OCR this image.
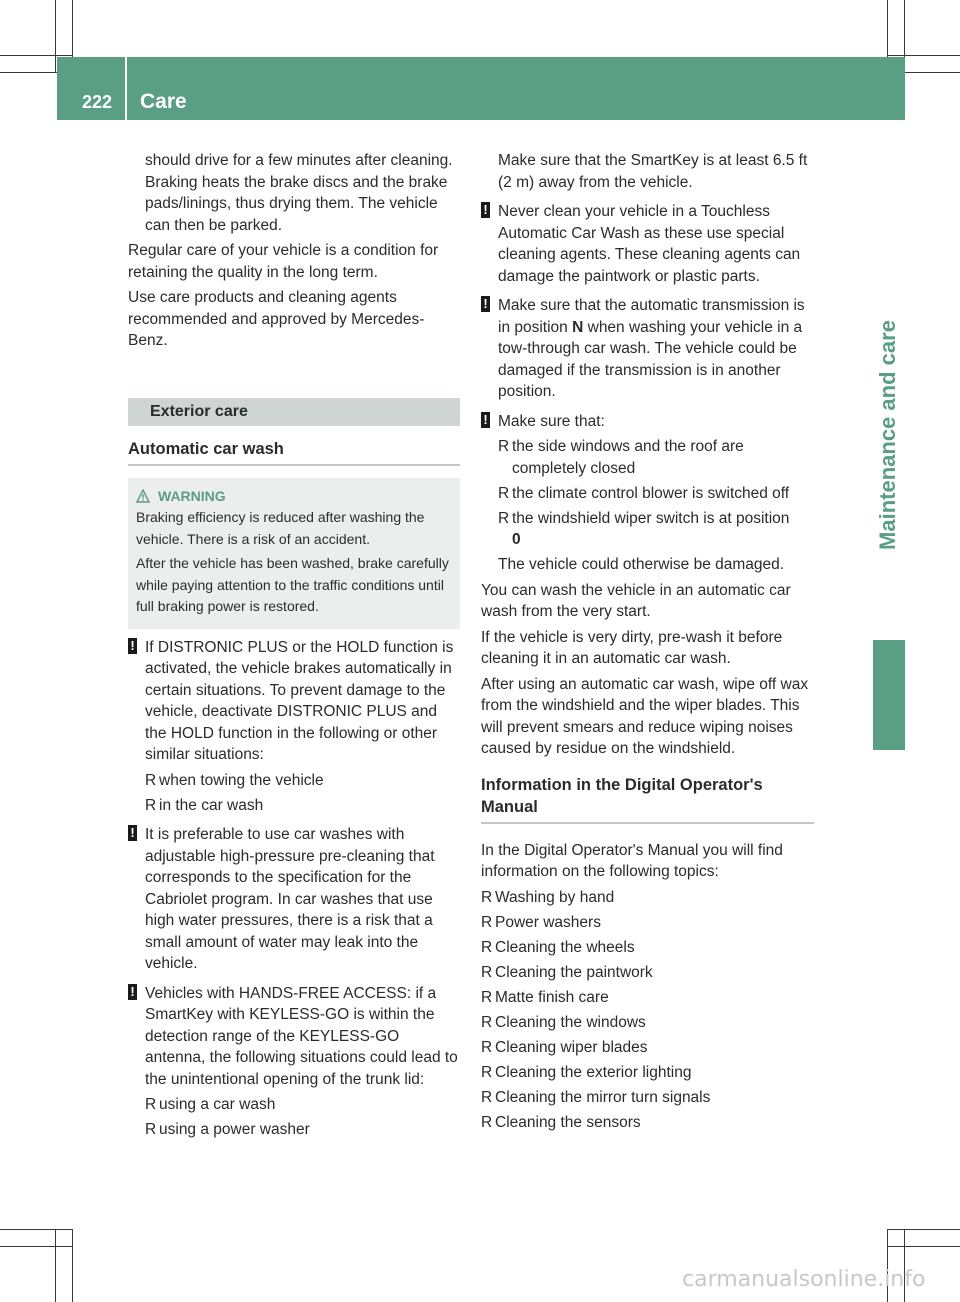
222 Care
Maintenance and care

should drive for a few minutes after cleaning. Braking heats the brake discs and the brake pads/linings, thus drying them. The vehicle can then be parked.

Regular care of your vehicle is a condition for retaining the quality in the long term.

Use care products and cleaning agents recommended and approved by Mercedes-Benz.

Exterior care
Automatic car wash
WARNING

Braking efficiency is reduced after washing the vehicle. There is a risk of an accident.

After the vehicle has been washed, brake carefully while paying attention to the traffic conditions until full braking power is restored.

! If DISTRONIC PLUS or the HOLD function is activated, the vehicle brakes automatically in certain situations. To prevent damage to the vehicle, deactivate DISTRONIC PLUS and the HOLD function in the following or other similar situations:
R when towing the vehicle
R in the car wash
! It is preferable to use car washes with adjustable high-pressure pre-cleaning that corresponds to the specification for the Cabriolet program. In car washes that use high water pressures, there is a risk that a small amount of water may leak into the vehicle.
! Vehicles with HANDS-FREE ACCESS: if a SmartKey with KEYLESS-GO is within the detection range of the KEYLESS-GO antenna, the following situations could lead to the unintentional opening of the trunk lid:
R using a car wash
R using a power washer

Make sure that the SmartKey is at least 6.5 ft (2 m) away from the vehicle.

! Never clean your vehicle in a Touchless Automatic Car Wash as these use special cleaning agents. These cleaning agents can damage the paintwork or plastic parts.
! Make sure that the automatic transmission is in position N when washing your vehicle in a tow-through car wash. The vehicle could be damaged if the transmission is in another position.
! Make sure that:
R the side windows and the roof are completely closed
R the climate control blower is switched off
R the windshield wiper switch is at position
0

The vehicle could otherwise be damaged.

You can wash the vehicle in an automatic car wash from the very start.

If the vehicle is very dirty, pre-wash it before cleaning it in an automatic car wash.

After using an automatic car wash, wipe off wax from the windshield and the wiper blades. This will prevent smears and reduce wiping noises caused by residue on the windshield.

Information in the Digital Operator's Manual

In the Digital Operator's Manual you will find information on the following topics:

R Washing by hand
R Power washers
R Cleaning the wheels
R Cleaning the paintwork
R Matte finish care
R Cleaning the windows
R Cleaning wiper blades
R Cleaning the exterior lighting
R Cleaning the mirror turn signals
R Cleaning the sensors
carmanualsonline.info
